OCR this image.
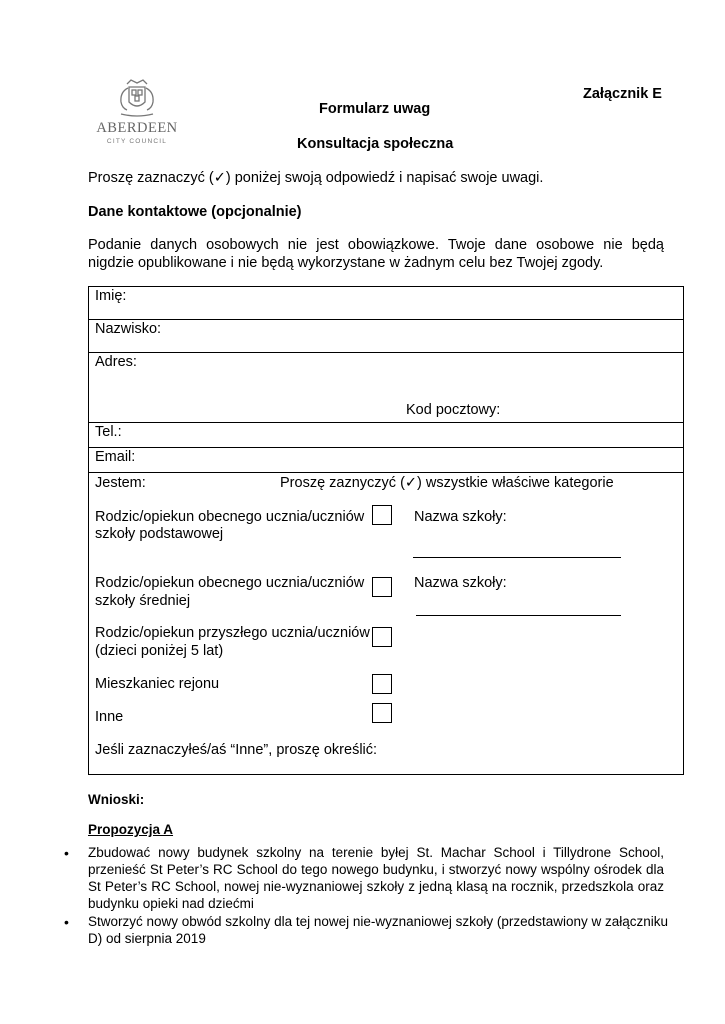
ABERDEEN
CITY COUNCIL
Załącznik E
Formularz uwag
Konsultacja społeczna
Proszę zaznaczyć (✓) poniżej swoją odpowiedź i napisać swoje uwagi.
Dane kontaktowe (opcjonalnie)
Podanie danych osobowych nie jest obowiązkowe. Twoje dane osobowe nie będą
nigdzie opublikowane i nie będą wykorzystane w żadnym celu bez Twojej zgody.
Imię:

Nazwisko:

Adres:
Kod pocztowy:

Tel.:

Email:

Jestem:	Proszę zaznyczyć (✓) wszystkie właściwe kategorie
Rodzic/opiekun obecnego ucznia/uczniów
szkoły podstawowej
Nazwa szkoły:
Rodzic/opiekun obecnego ucznia/uczniów
szkoły średniej
Nazwa szkoły:
Rodzic/opiekun przyszłego ucznia/uczniów
(dzieci poniżej 5 lat)
Mieszkaniec rejonu
Inne
Jeśli zaznaczyłeś/aś “Inne”, proszę określić:
Wnioski:
Propozycja A
• Zbudować nowy budynek szkolny na terenie byłej St. Machar School i Tillydrone School,
przenieść St Peter’s RC School do tego nowego budynku, i stworzyć nowy wspólny ośrodek dla
St Peter’s RC School, nowej nie-wyznaniowej szkoły z jedną klasą na rocznik, przedszkola oraz
budynku opieki nad dziećmi
• Stworzyć nowy obwód szkolny dla tej nowej nie-wyznaniowej szkoły (przedstawiony w załączniku
D) od sierpnia 2019
